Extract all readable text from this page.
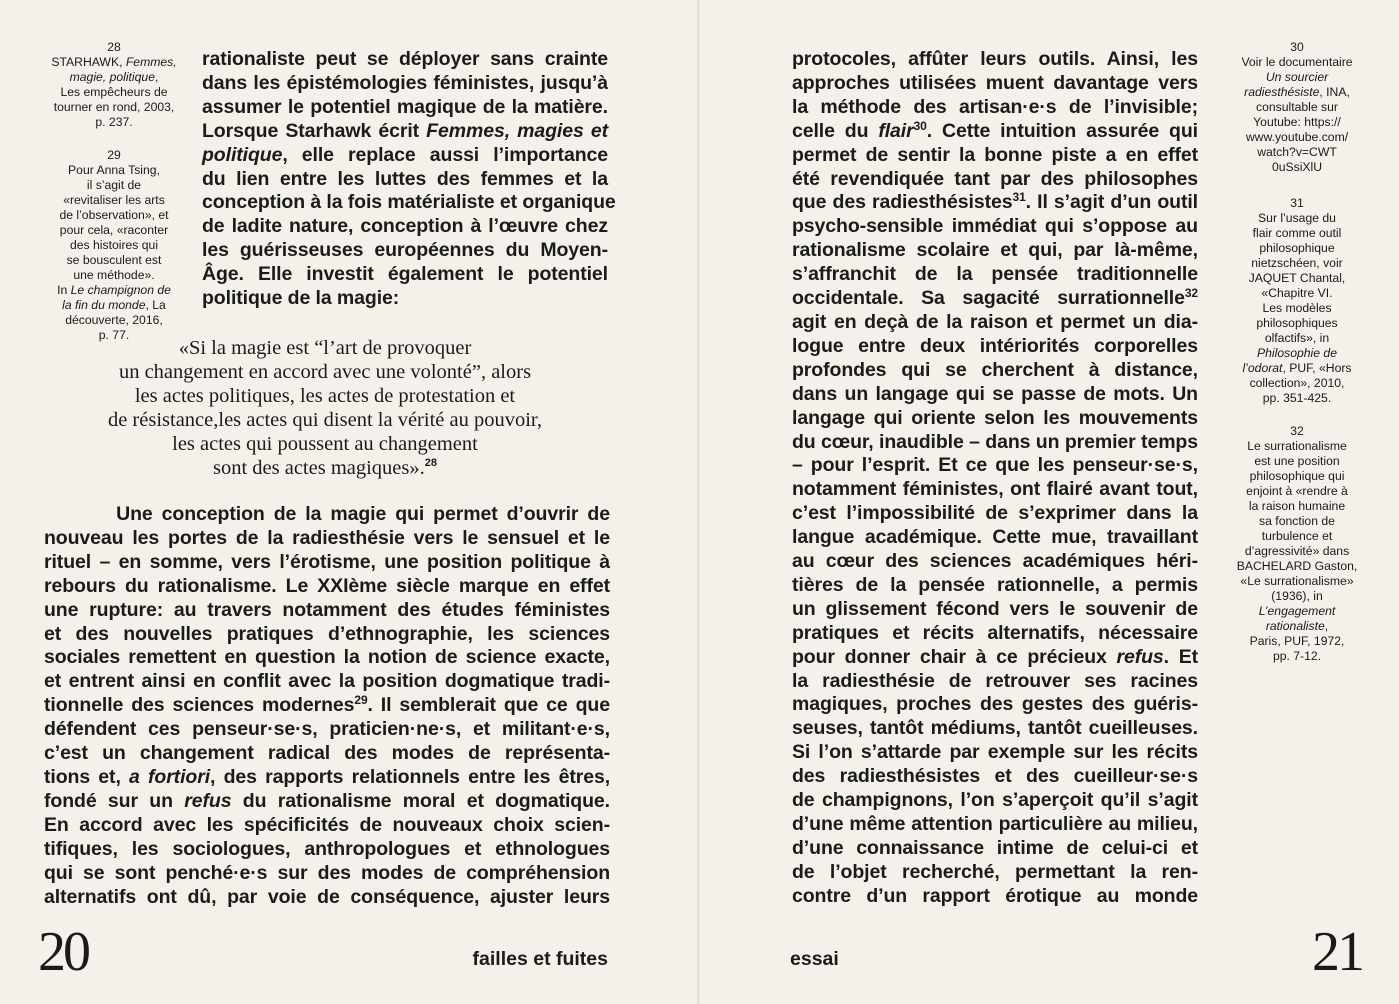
28
STARHAWK, Femmes,
magie, politique,
Les empêcheurs de
tourner en rond, 2003,
p. 237.
29
Pour Anna Tsing,
il s’agit de
«revitaliser les arts
de l’observation», et
pour cela, «raconter
des histoires qui
se bousculent est
une méthode».
In Le champignon de
la fin du monde, La
découverte, 2016,
p. 77.
rationaliste peut se déployer sans crainte
dans les épistémologies féministes, jusqu’à
assumer le potentiel magique de la matière.
Lorsque Starhawk écrit Femmes, magies et
politique, elle replace aussi l’importance
du lien entre les luttes des femmes et la
conception à la fois matérialiste et organique
de ladite nature, conception à l’œuvre chez
les guérisseuses européennes du Moyen-
Âge. Elle investit également le potentiel
politique de la magie:
«Si la magie est “l’art de provoquer
un changement en accord avec une volonté”, alors
les actes politiques, les actes de protestation et
de résistance,les actes qui disent la vérité au pouvoir,
les actes qui poussent au changement
sont des actes magiques».$^{28}$
Une conception de la magie qui permet d’ouvrir de
nouveau les portes de la radiesthésie vers le sensuel et le
rituel – en somme, vers l’érotisme, une position politique à
rebours du rationalisme. Le XXIème siècle marque en effet
une rupture: au travers notamment des études féministes
et des nouvelles pratiques d’ethnographie, les sciences
sociales remettent en question la notion de science exacte,
et entrent ainsi en conflit avec la position dogmatique tradi-
tionnelle des sciences modernes$^{29}$. Il semblerait que ce que
défendent ces penseur·se·s, praticien·ne·s, et militant·e·s,
c’est un changement radical des modes de représenta-
tions et, a fortiori, des rapports relationnels entre les êtres,
fondé sur un refus du rationalisme moral et dogmatique.
En accord avec les spécificités de nouveaux choix scien-
tifiques, les sociologues, anthropologues et ethnologues
qui se sont penché·e·s sur des modes de compréhension
alternatifs ont dû, par voie de conséquence, ajuster leurs
20	failles et fuites
protocoles, affûter leurs outils. Ainsi, les
approches utilisées muent davantage vers
la méthode des artisan·e·s de l’invisible;
celle du flair$^{30}$. Cette intuition assurée qui
permet de sentir la bonne piste a en effet
été revendiquée tant par des philosophes
que des radiesthésistes$^{31}$. Il s’agit d’un outil
psycho-sensible immédiat qui s’oppose au
rationalisme scolaire et qui, par là-même,
s’affranchit de la pensée traditionnelle
occidentale. Sa sagacité surrationnelle$^{32}$
agit en deçà de la raison et permet un dia-
logue entre deux intériorités corporelles
profondes qui se cherchent à distance,
dans un langage qui se passe de mots. Un
langage qui oriente selon les mouvements
du cœur, inaudible – dans un premier temps
– pour l’esprit. Et ce que les penseur·se·s,
notamment féministes, ont flairé avant tout,
c’est l’impossibilité de s’exprimer dans la
langue académique. Cette mue, travaillant
au cœur des sciences académiques héri-
tières de la pensée rationnelle, a permis
un glissement fécond vers le souvenir de
pratiques et récits alternatifs, nécessaire
pour donner chair à ce précieux refus. Et
la radiesthésie de retrouver ses racines
magiques, proches des gestes des guéris-
seuses, tantôt médiums, tantôt cueilleuses.
Si l’on s’attarde par exemple sur les récits
des radiesthésistes et des cueilleur·se·s
de champignons, l’on s’aperçoit qu’il s’agit
d’une même attention particulière au milieu,
d’une connaissance intime de celui-ci et
de l’objet recherché, permettant la ren-
contre d’un rapport érotique au monde
30
Voir le documentaire
Un sourcier
radiesthésiste, INA,
consultable sur
Youtube: https://
www.youtube.com/
watch?v=CWT
0uSsiXlU
31
Sur l’usage du
flair comme outil
philosophique
nietzschéen, voir
JAQUET Chantal,
«Chapitre VI.
Les modèles
philosophiques
olfactifs», in
Philosophie de
l’odorat, PUF, «Hors
collection», 2010,
pp. 351-425.
32
Le surrationalisme
est une position
philosophique qui
enjoint à «rendre à
la raison humaine
sa fonction de
turbulence et
d’agressivité» dans
BACHELARD Gaston,
«Le surrationalisme»
(1936), in
L’engagement
rationaliste,
Paris, PUF, 1972,
pp. 7-12.
essai	21
